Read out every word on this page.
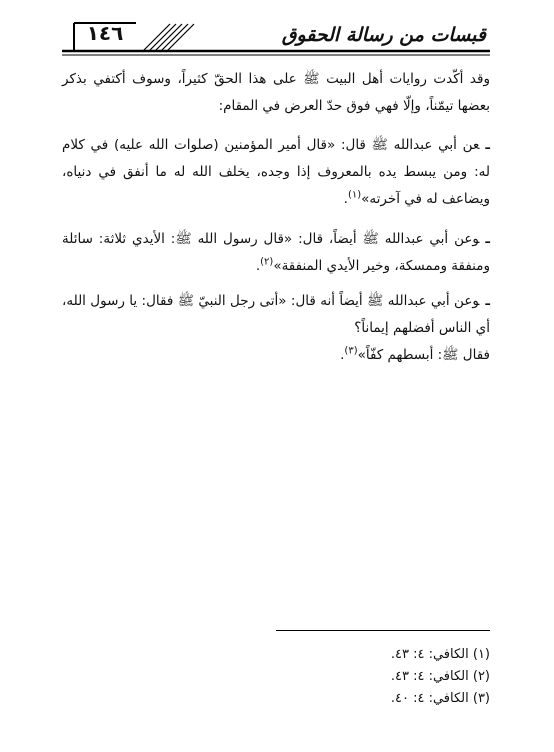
١٤٦	قبسات من رسالة الحقوق
وقد أكّدت روايات أهل البيت ﷺ على هذا الحقّ كثيراً، وسوف أكتفي بذكر بعضها تيمّناً، وإلّا فهي فوق حدّ العرض في المقام:
ـعن أبي عبدالله ﷺ قال: «قال أمير المؤمنين (صلوات الله عليه) في كلام له: ومن يبسط يده بالمعروف إذا وجده، يخلف الله له ما أنفق في دنياه، ويضاعف له في آخرته»$^{(١)}$.
ـوعن أبي عبدالله ﷺ أيضاً، قال: «قال رسول الله ﷺ: الأيدي ثلاثة: سائلة ومنفقة وممسكة، وخير الأيدي المنفقة»$^{(٢)}$.
ـوعن أبي عبدالله ﷺ أيضاً أنه قال: «أتى رجل النبيّ ﷺ فقال: يا رسول الله، أي الناس أفضلهم إيماناً؟
فقال ﷺ: أبسطهم كفّاً»$^{(٣)}$.
(١) الكافي: ٤: ٤٣.
(٢) الكافي: ٤: ٤٣.
(٣) الكافي: ٤: ٤٠.
